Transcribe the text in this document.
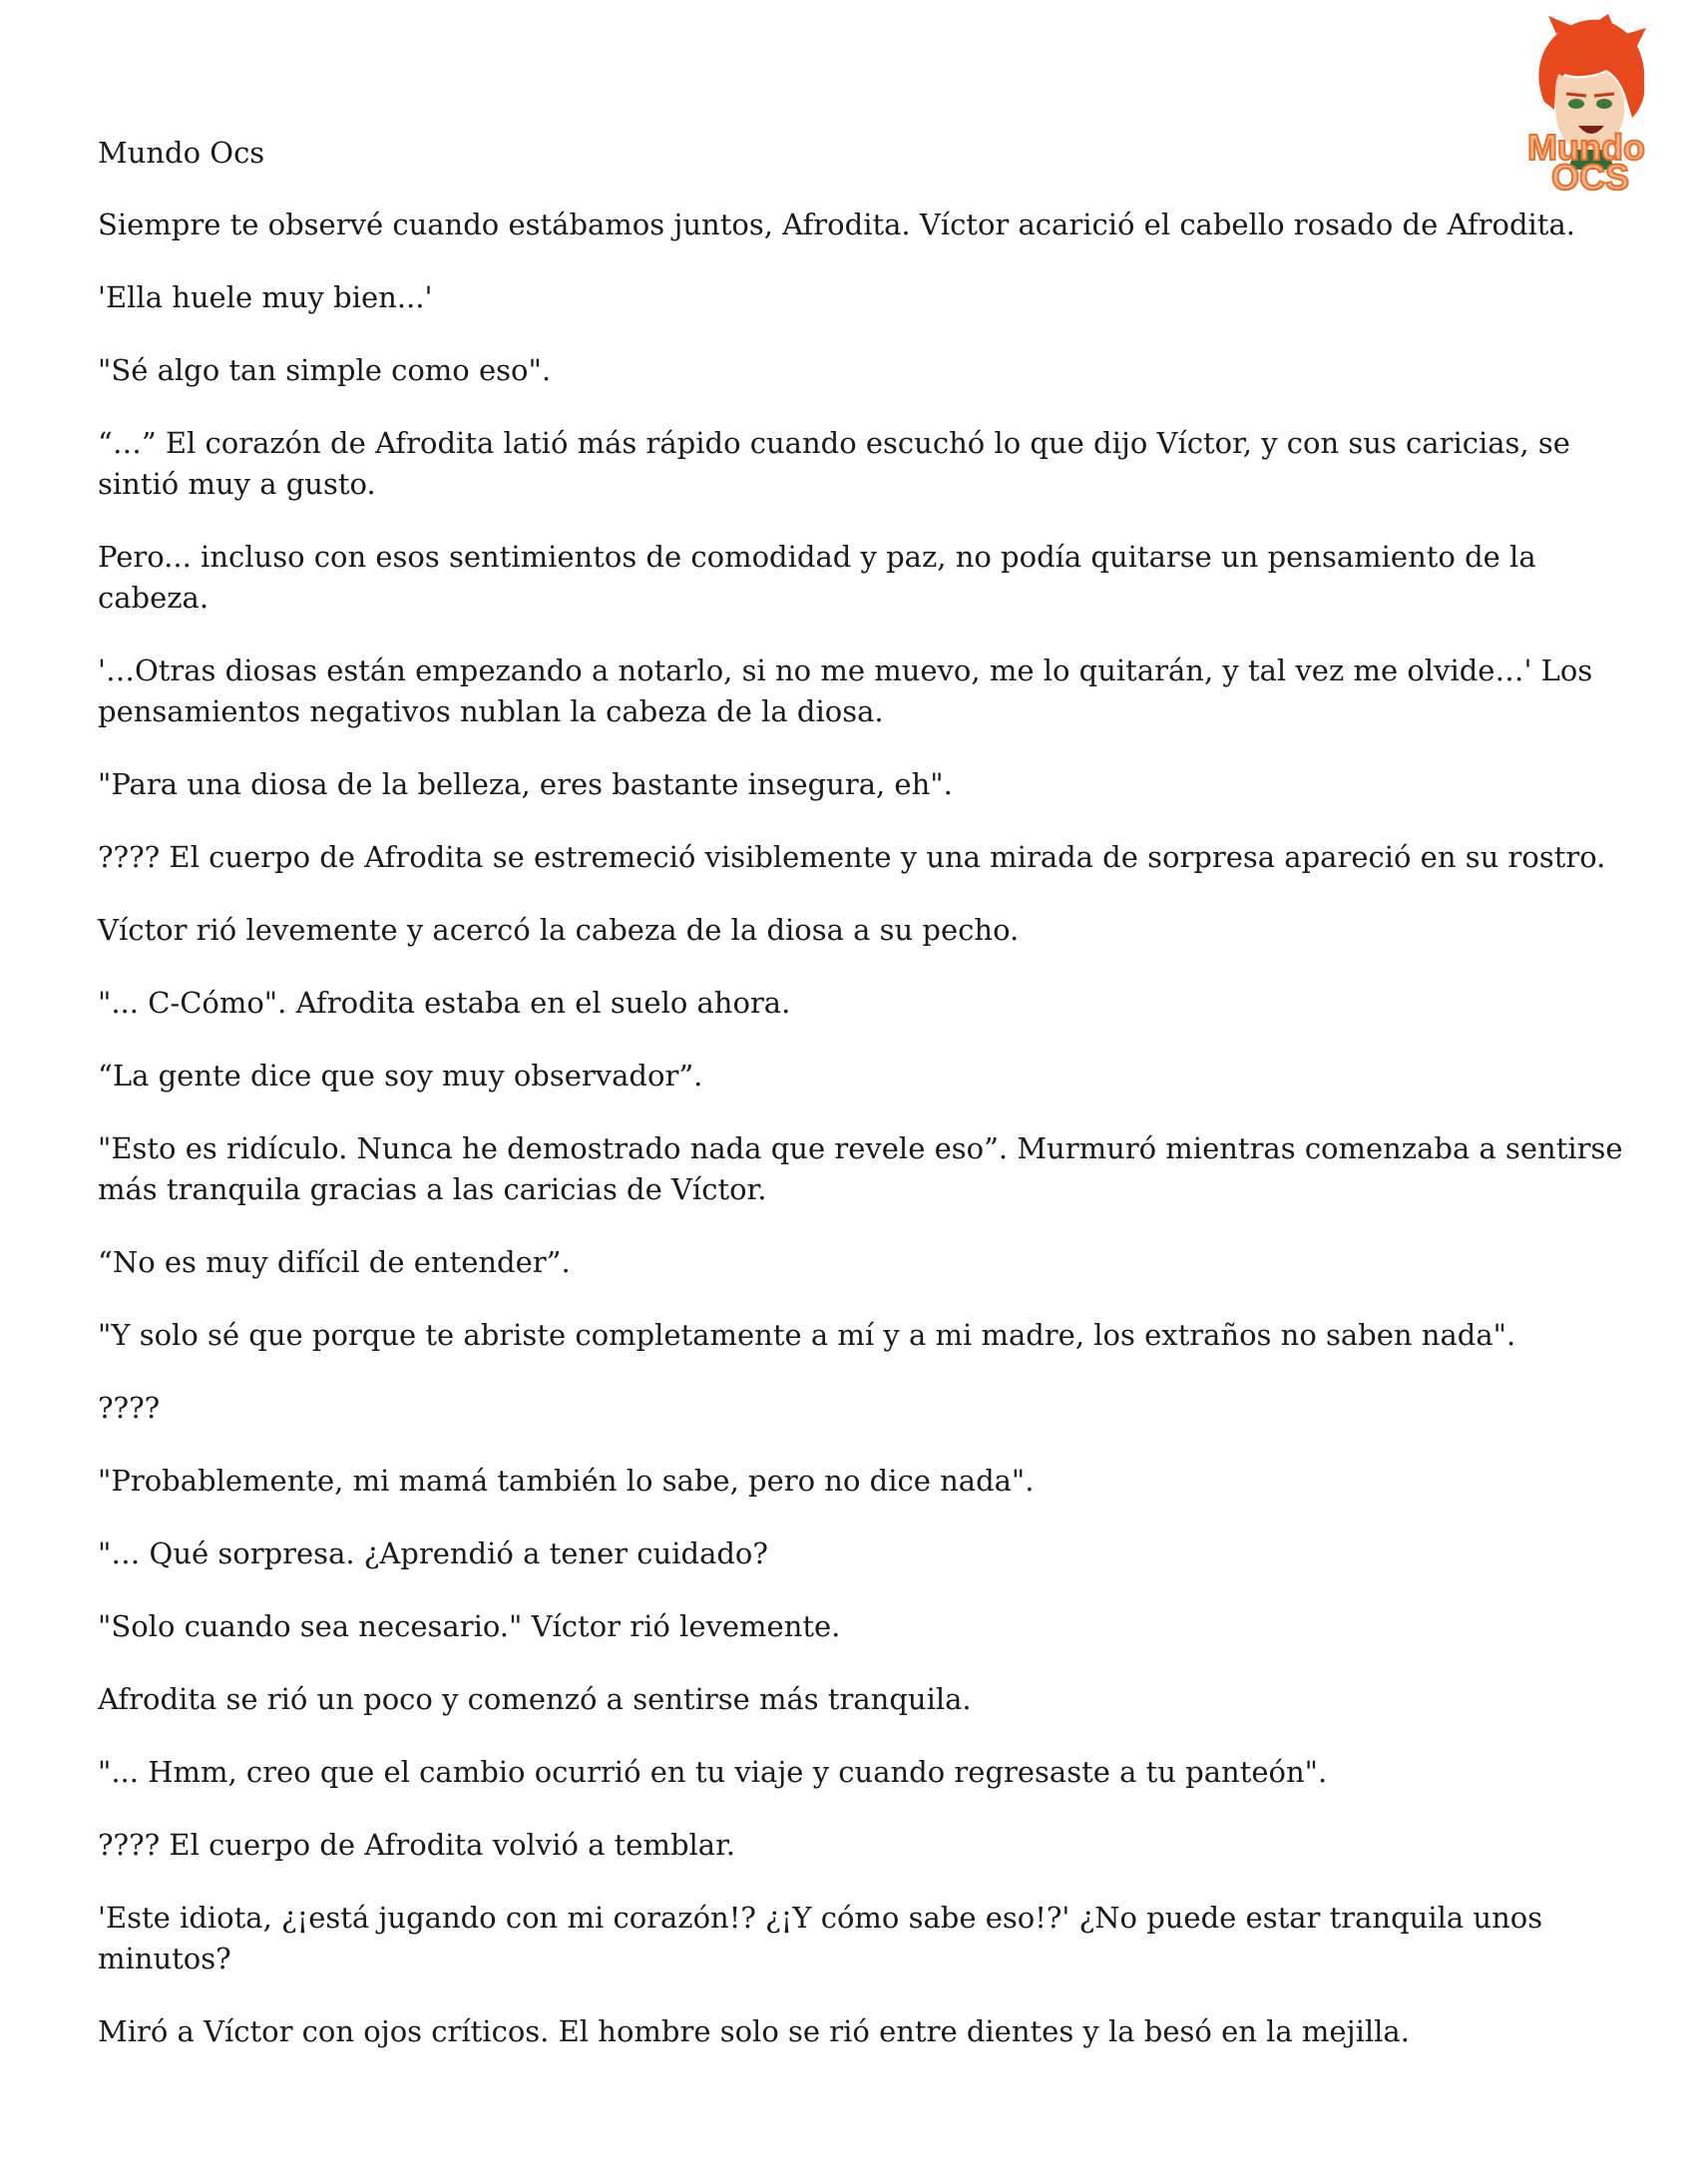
Mundo
OCS
Mundo Ocs

Siempre te observé cuando estábamos juntos, Afrodita. Víctor acarició el cabello rosado de Afrodita.

'Ella huele muy bien...'

"Sé algo tan simple como eso".

“…” El corazón de Afrodita latió más rápido cuando escuchó lo que dijo Víctor, y con sus caricias, se sintió muy a gusto.

Pero... incluso con esos sentimientos de comodidad y paz, no podía quitarse un pensamiento de la cabeza.

'…Otras diosas están empezando a notarlo, si no me muevo, me lo quitarán, y tal vez me olvide…' Los pensamientos negativos nublan la cabeza de la diosa.

"Para una diosa de la belleza, eres bastante insegura, eh".

???? El cuerpo de Afrodita se estremeció visiblemente y una mirada de sorpresa apareció en su rostro.

Víctor rió levemente y acercó la cabeza de la diosa a su pecho.

"... C-Cómo". Afrodita estaba en el suelo ahora.

“La gente dice que soy muy observador”.

"Esto es ridículo. Nunca he demostrado nada que revele eso”. Murmuró mientras comenzaba a sentirse más tranquila gracias a las caricias de Víctor.

“No es muy difícil de entender”.

"Y solo sé que porque te abriste completamente a mí y a mi madre, los extraños no saben nada".

????

"Probablemente, mi mamá también lo sabe, pero no dice nada".

"… Qué sorpresa. ¿Aprendió a tener cuidado?

"Solo cuando sea necesario." Víctor rió levemente.

Afrodita se rió un poco y comenzó a sentirse más tranquila.

"... Hmm, creo que el cambio ocurrió en tu viaje y cuando regresaste a tu panteón".

???? El cuerpo de Afrodita volvió a temblar.

'Este idiota, ¿¡está jugando con mi corazón!? ¿¡Y cómo sabe eso!?' ¿No puede estar tranquila unos minutos?

Miró a Víctor con ojos críticos. El hombre solo se rió entre dientes y la besó en la mejilla.
